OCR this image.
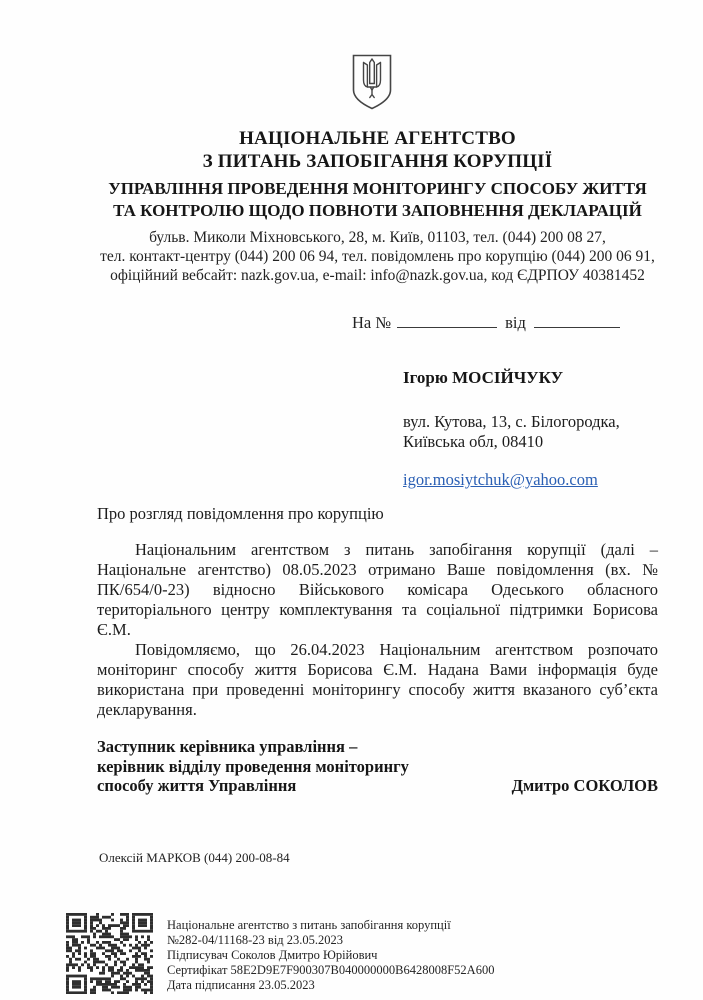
НАЦІОНАЛЬНЕ АГЕНТСТВО
З ПИТАНЬ ЗАПОБІГАННЯ КОРУПЦІЇ
УПРАВЛІННЯ ПРОВЕДЕННЯ МОНІТОРИНГУ СПОСОБУ ЖИТТЯ
ТА КОНТРОЛЮ ЩОДО ПОВНОТИ ЗАПОВНЕННЯ ДЕКЛАРАЦІЙ
бульв. Миколи Міхновського, 28, м. Київ, 01103, тел. (044) 200 08 27,
тел. контакт-центру (044) 200 06 94, тел. повідомлень про корупцію (044) 200 06 91,
офіційний вебсайт: nazk.gov.ua, e-mail: info@nazk.gov.ua, код ЄДРПОУ 40381452
На №	від
Ігорю МОСІЙЧУКУ
вул. Кутова, 13, с. Білогородка,
Київська обл, 08410
igor.mosiytchuk@yahoo.com
Про розгляд повідомлення про корупцію

Національним агентством з питань запобігання корупції (далі – Національне агентство) 08.05.2023 отримано Ваше повідомлення (вх. № ПК/654/0-23) відносно Військового комісара Одеського обласного територіального центру комплектування та соціальної підтримки Борисова Є.М.

Повідомляємо, що 26.04.2023 Національним агентством розпочато моніторинг способу життя Борисова Є.М. Надана Вами інформація буде використана при проведенні моніторингу способу життя вказаного суб’єкта декларування.

Заступник керівника управління –
керівник відділу проведення моніторингу
способу життя Управління	Дмитро СОКОЛОВ
Олексій МАРКОВ (044) 200-08-84
Національне агентство з питань запобігання корупції
№282-04/11168-23 від 23.05.2023
Підписувач Соколов Дмитро Юрійович
Сертифікат 58E2D9E7F900307B040000000B6428008F52A600
Дата підписання 23.05.2023
